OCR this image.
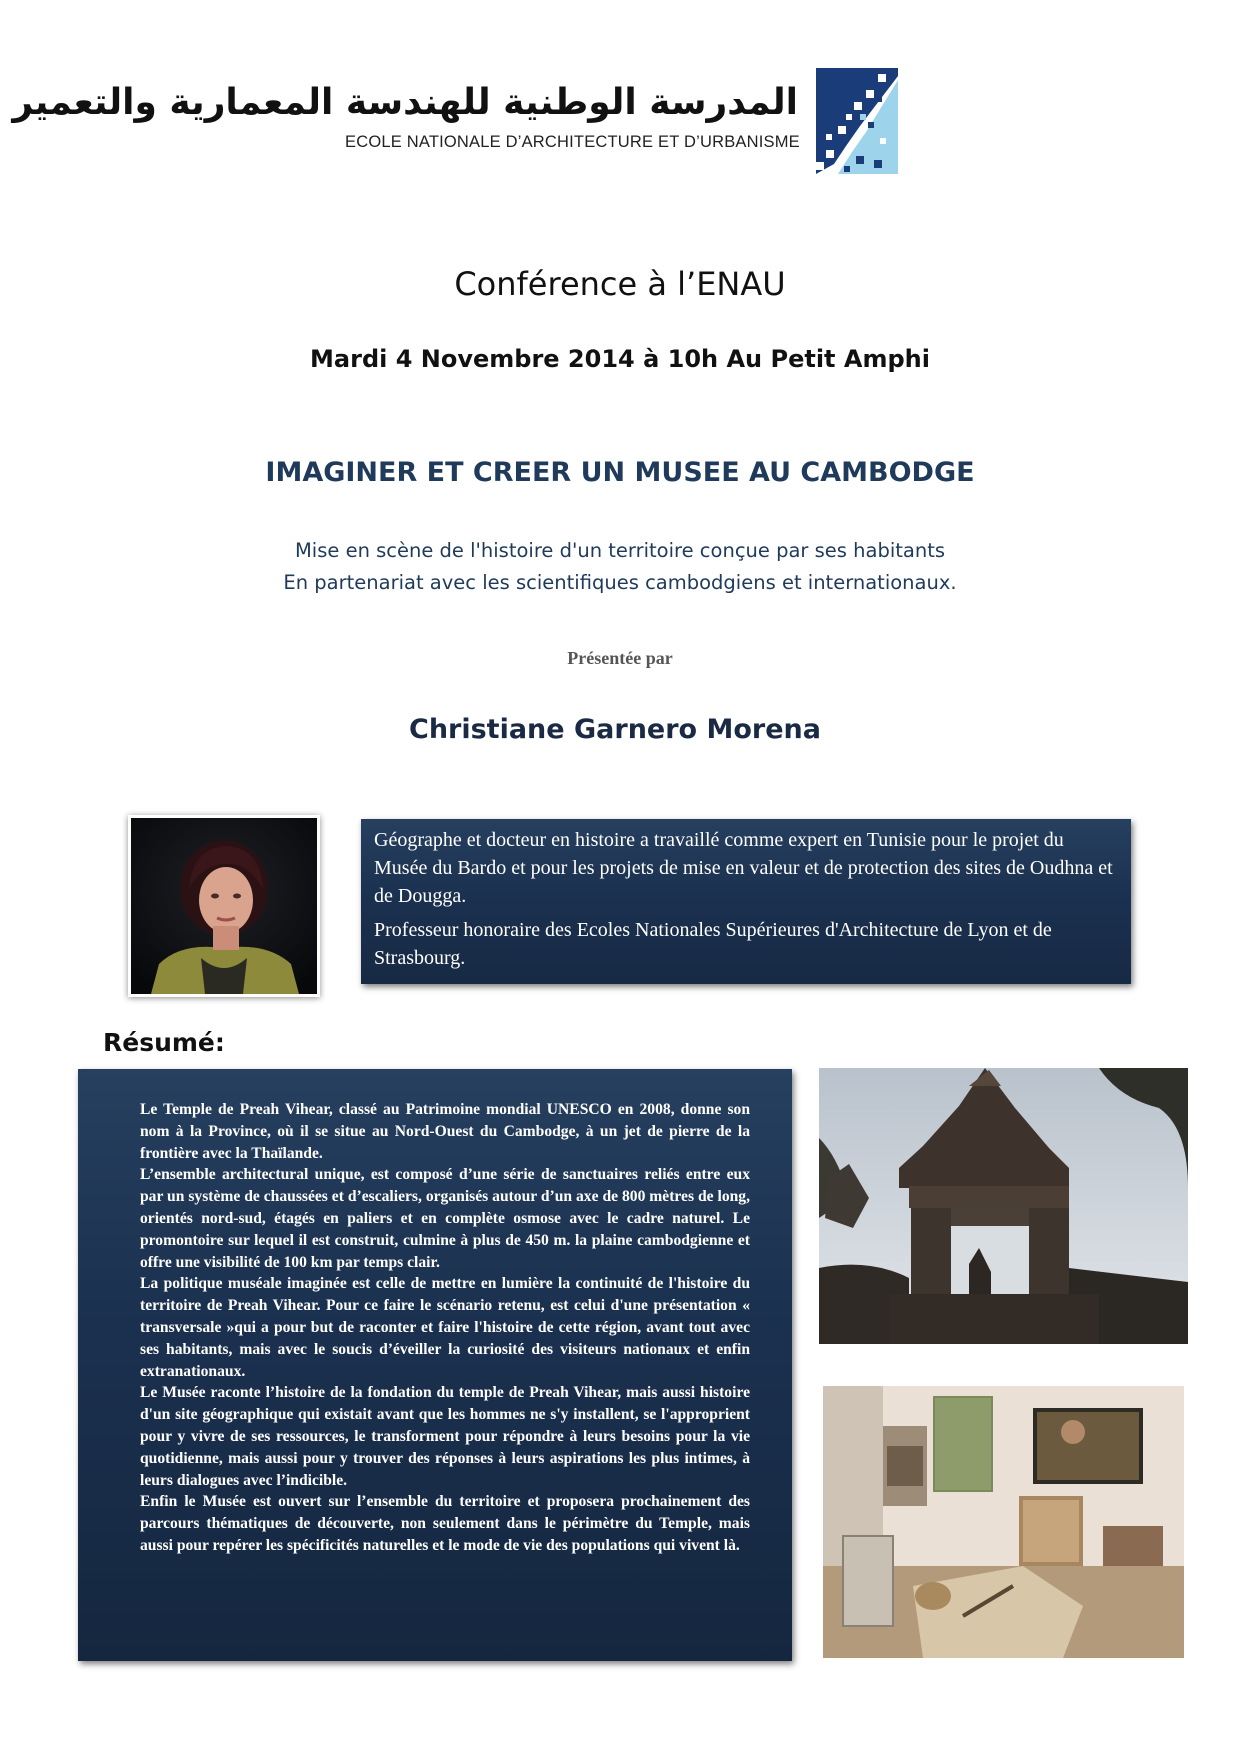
المدرسة الوطنية للهندسة المعمارية والتعمير
ECOLE NATIONALE D’ARCHITECTURE ET D’URBANISME
Conférence à l’ENAU
Mardi 4 Novembre 2014 à 10h Au Petit Amphi
IMAGINER ET CREER UN MUSEE AU CAMBODGE
Mise en scène de l'histoire d'un territoire conçue par ses habitants
En partenariat avec les scientifiques cambodgiens et internationaux.
Présentée par
Christiane Garnero Morena

Géographe et docteur en histoire a travaillé comme expert en Tunisie pour le projet du Musée du Bardo et pour les projets de mise en valeur et de protection des sites de Oudhna et de Dougga.

Professeur honoraire des Ecoles Nationales Supérieures d'Architecture de Lyon et de Strasbourg.

Résumé:

Le Temple de Preah Vihear, classé au Patrimoine mondial UNESCO en 2008, donne son nom à la Province, où il se situe au Nord-Ouest du Cambodge, à un jet de pierre de la frontière avec la Thaïlande.

L’ensemble architectural unique, est composé d’une série de sanctuaires reliés entre eux par un système de chaussées et d’escaliers, organisés autour d’un axe de 800 mètres de long, orientés nord-sud, étagés en paliers et en complète osmose avec le cadre naturel. Le promontoire sur lequel il est construit, culmine à plus de 450 m. la plaine cambodgienne et offre une visibilité de 100 km par temps clair.

La politique muséale imaginée est celle de mettre en lumière la continuité de l'histoire du territoire de Preah Vihear. Pour ce faire le scénario retenu, est celui d'une présentation « transversale »qui a pour but de raconter et faire l'histoire de cette région, avant tout avec ses habitants, mais avec le soucis d’éveiller la curiosité des visiteurs nationaux et enfin extranationaux.

Le Musée raconte l’histoire de la fondation du temple de Preah Vihear, mais aussi histoire d'un site géographique qui existait avant que les hommes ne s'y installent, se l'approprient pour y vivre de ses ressources, le transforment pour répondre à leurs besoins pour la vie quotidienne, mais aussi pour y trouver des réponses à leurs aspirations les plus intimes, à leurs dialogues avec l’indicible.

Enfin le Musée est ouvert sur l’ensemble du territoire et proposera prochainement des parcours thématiques de découverte, non seulement dans le périmètre du Temple, mais aussi pour repérer les spécificités naturelles et le mode de vie des populations qui vivent là.
